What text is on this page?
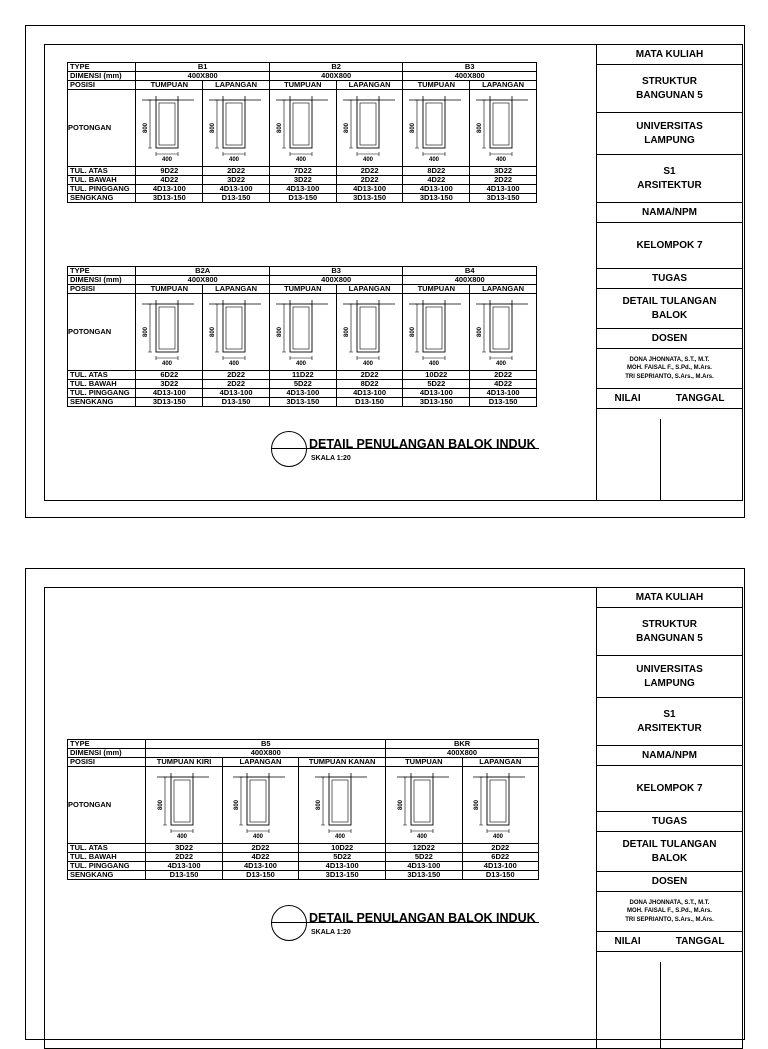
MATA KULIAH
STRUKTUR BANGUNAN 5
UNIVERSITAS LAMPUNG
S1 ARSITEKTUR
NAMA/NPM
KELOMPOK 7
TUGAS
DETAIL TULANGAN BALOK
DOSEN
DONA JHONNATA, S.T., M.T.
MOH. FAISAL F., S.Pd., M.Ars.
TRI SEPRIANTO, S.Ars., M.Ars.
NILAI	TANGGAL
MATA KULIAH
STRUKTUR BANGUNAN 5
UNIVERSITAS LAMPUNG
S1 ARSITEKTUR
NAMA/NPM
KELOMPOK 7
TUGAS
DETAIL TULANGAN BALOK
DOSEN
DONA JHONNATA, S.T., M.T.
MOH. FAISAL F., S.Pd., M.Ars.
TRI SEPRIANTO, S.Ars., M.Ars.
NILAI	TANGGAL
TYPE	B1		B2		B3	
DIMENSI (mm)	400X800		400X800		400X800	
POSISI	TUMPUAN	LAPANGAN	TUMPUAN	LAPANGAN	TUMPUAN	LAPANGAN
POTONGAN	800
400	800
400	800
400	800
400	800
400	800
400

TUL. ATAS	9D22	2D22	7D22	2D22	8D22	3D22
TUL. BAWAH	4D22	3D22	3D22	2D22	4D22	2D22
TUL. PINGGANG	4D13-100	4D13-100	4D13-100	4D13-100	4D13-100	4D13-100
SENGKANG	3D13-150	D13-150	D13-150	3D13-150	3D13-150	3D13-150
TYPE	B2A		B3		B4	
DIMENSI (mm)	400X800		400X800		400X800	
POSISI	TUMPUAN	LAPANGAN	TUMPUAN	LAPANGAN	TUMPUAN	LAPANGAN
POTONGAN	800
400	800
400	800
400	800
400	800
400	800
400

TUL. ATAS	6D22	2D22	11D22	2D22	10D22	2D22
TUL. BAWAH	3D22	2D22	5D22	8D22	5D22	4D22
TUL. PINGGANG	4D13-100	4D13-100	4D13-100	4D13-100	4D13-100	4D13-100
SENGKANG	3D13-150	D13-150	3D13-150	D13-150	3D13-150	D13-150
TYPE	B5			BKR	
DIMENSI (mm)	400X800			400X800	
POSISI	TUMPUAN KIRI	LAPANGAN	TUMPUAN KANAN	TUMPUAN	LAPANGAN
POTONGAN	800
400	800
400	800
400	800
400	800
400

TUL. ATAS	3D22	2D22	10D22	12D22	2D22
TUL. BAWAH	2D22	4D22	5D22	5D22	6D22
TUL. PINGGANG	4D13-100	4D13-100	4D13-100	4D13-100	4D13-100
SENGKANG	D13-150	D13-150	3D13-150	3D13-150	D13-150
DETAIL PENULANGAN BALOK INDUK
SKALA 1:20
DETAIL PENULANGAN BALOK INDUK
SKALA 1:20
